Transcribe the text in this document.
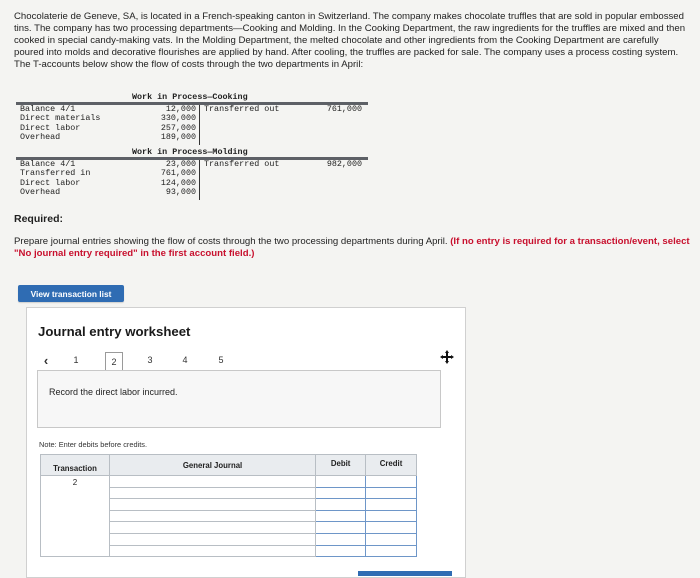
Chocolaterie de Geneve, SA, is located in a French-speaking canton in Switzerland. The company makes chocolate truffles that are sold in popular embossed tins. The company has two processing departments—Cooking and Molding. In the Cooking Department, the raw ingredients for the truffles are mixed and then cooked in special candy-making vats. In the Molding Department, the melted chocolate and other ingredients from the Cooking Department are carefully poured into molds and decorative flourishes are applied by hand. After cooling, the truffles are packed for sale. The company uses a process costing system. The T-accounts below show the flow of costs through the two departments in April:
Work in Process—Cooking
Balance 4/1	12,000 Transferred out	761,000
Direct materials	330,000
Direct labor	257,000
Overhead	189,000
Work in Process—Molding
Balance 4/1	23,000 Transferred out	982,000
Transferred in	761,000
Direct labor	124,000
Overhead	93,000
Required:
Prepare journal entries showing the flow of costs through the two processing departments during April. (If no entry is required for a transaction/event, select "No journal entry required" in the first account field.)
View transaction list
Journal entry worksheet
‹	1	2	3	4	5
Record the direct labor incurred.
Note: Enter debits before credits.
Transaction	General Journal	Debit	Credit
2			
